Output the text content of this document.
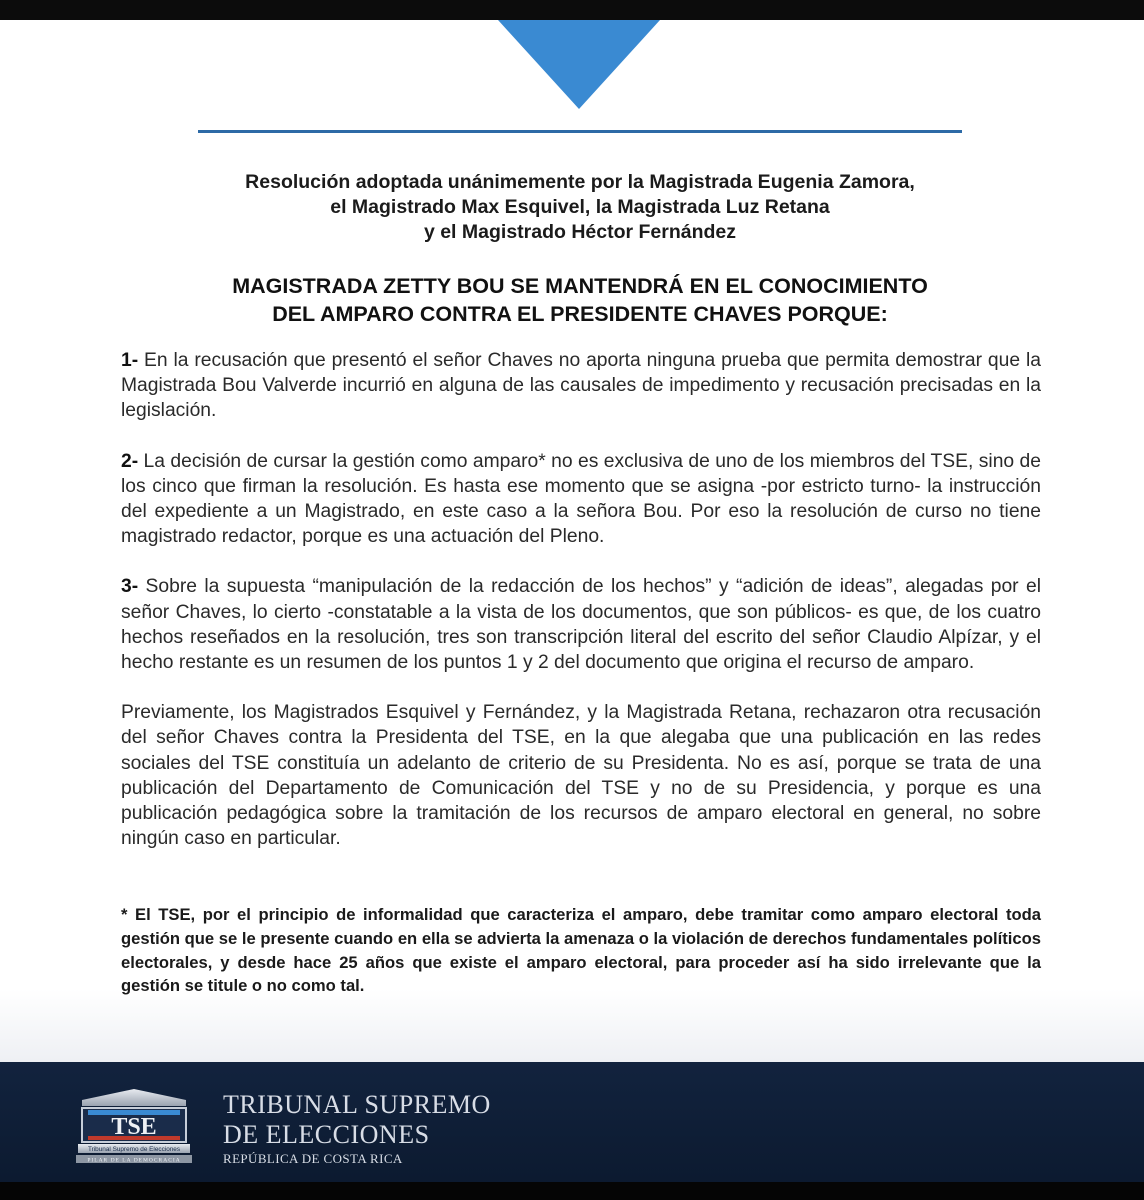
Resolución adoptada unánimemente por la Magistrada Eugenia Zamora,
el Magistrado Max Esquivel, la Magistrada Luz Retana
y el Magistrado Héctor Fernández
MAGISTRADA ZETTY BOU SE MANTENDRÁ EN EL CONOCIMIENTO
DEL AMPARO CONTRA EL PRESIDENTE CHAVES PORQUE:

1- En la recusación que presentó el señor Chaves no aporta ninguna prueba que permita demostrar que la Magistrada Bou Valverde incurrió en alguna de las causales de impedimento y recusación precisadas en la legislación.

2- La decisión de cursar la gestión como amparo* no es exclusiva de uno de los miembros del TSE, sino de los cinco que firman la resolución. Es hasta ese momento que se asigna -por estricto turno- la instrucción del expediente a un Magistrado, en este caso a la señora Bou. Por eso la resolución de curso no tiene magistrado redactor, porque es una actuación del Pleno.

3- Sobre la supuesta “manipulación de la redacción de los hechos” y “adición de ideas”, alegadas por el señor Chaves, lo cierto -constatable a la vista de los documentos, que son públicos- es que, de los cuatro hechos reseñados en la resolución, tres son transcripción literal del escrito del señor Claudio Alpízar, y el hecho restante es un resumen de los puntos 1 y 2 del documento que origina el recurso de amparo.

Previamente, los Magistrados Esquivel y Fernández, y la Magistrada Retana, rechazaron otra recusación del señor Chaves contra la Presidenta del TSE, en la que alegaba que una publicación en las redes sociales del TSE constituía un adelanto de criterio de su Presidenta. No es así, porque se trata de una publicación del Departamento de Comunicación del TSE y no de su Presidencia, y porque es una publicación pedagógica sobre la tramitación de los recursos de amparo electoral en general, no sobre ningún caso en particular.

* El TSE, por el principio de informalidad que caracteriza el amparo, debe tramitar como amparo electoral toda gestión que se le presente cuando en ella se advierta la amenaza o la violación de derechos fundamentales políticos electorales, y desde hace 25 años que existe el amparo electoral, para proceder así ha sido irrelevante que la gestión se titule o no como tal.
TSE
Tribunal Supremo de Elecciones
PILAR DE LA DEMOCRACIA
TRIBUNAL SUPREMO
DE ELECCIONES
REPÚBLICA DE COSTA RICA
